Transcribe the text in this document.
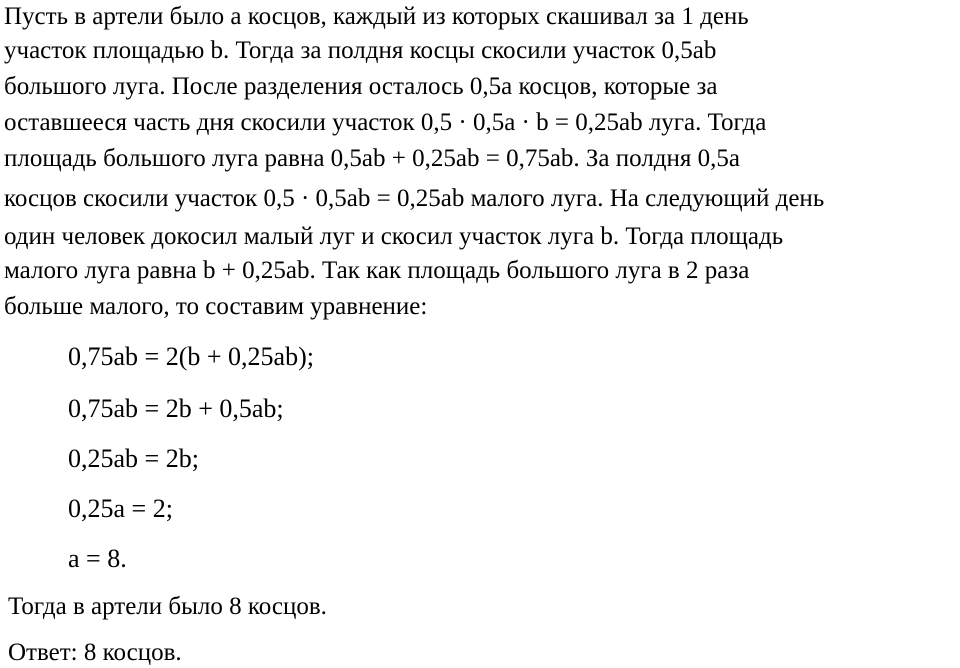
Пусть в артели было a косцов, каждый из которых скашивал за 1 день
участок площадью b. Тогда за полдня косцы скосили участок 0,5ab
большого луга. После разделения осталось 0,5a косцов, которые за
оставшееся часть дня скосили участок 0,5 · 0,5a · b = 0,25ab луга. Тогда
площадь большого луга равна 0,5ab + 0,25ab = 0,75ab. За полдня 0,5a
косцов скосили участок 0,5 · 0,5ab = 0,25ab малого луга. На следующий день
один человек докосил малый луг и скосил участок луга b. Тогда площадь
малого луга равна b + 0,25ab. Так как площадь большого луга в 2 раза
больше малого, то составим уравнение:
0,75ab = 2(b + 0,25ab);
0,75ab = 2b + 0,5ab;
0,25ab = 2b;
0,25a = 2;
a = 8.
Тогда в артели было 8 косцов.
Ответ: 8 косцов.
